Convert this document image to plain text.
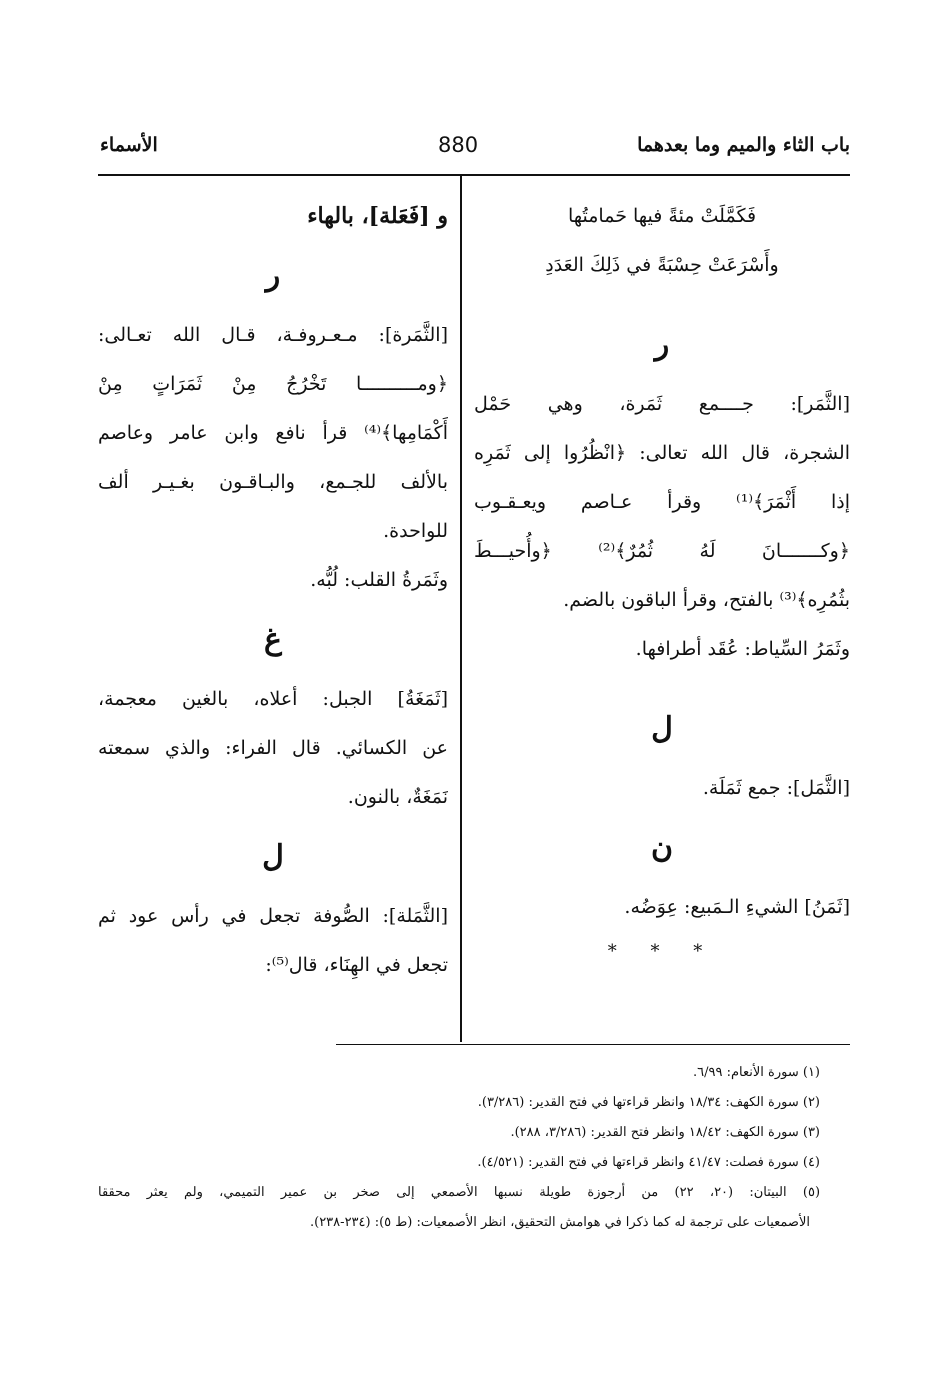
باب الثاء والميم وما بعدهما
880
الأسماء
فَكَمَّلَتْ مئةً فيها حَمامتُها
وأَسْرَعَتْ حِسْبَةً في ذَلِكَ العَدَدِ
ر
[الثَّمَر]: جــــمع ثَمَرة، وهي حَمْل
الشجرة، قال الله تعالى: ﴿انْظُرُوا إلى ثَمَرِه
إذا أَثْمَرَ﴾⁽¹⁾ وقرأ عـاصم ويعـقـوب
﴿وكـــــــانَ لَهُ ثُمُرٌ﴾⁽²⁾ ﴿وأُحيـــطَ
بثُمُرِه﴾⁽³⁾ بالفتح، وقرأ الباقون بالضم.
وثَمَرُ السِّياط: عُقَد أطرافها.
ل
[الثَّمَل]: جمع ثَمَلَة.
ن
[ثَمَنُ] الشيءِ الـمَبيع: عِوَضُه.
* * *
و [فَعَلة]، بالهاء
ر
[الثَّمَرة]: مـعـروفـة، قـال الله تعـالى:
﴿ومــــــــــا تَخْرُجُ مِنْ ثَمَرَاتٍ مِنْ
أَكْمَامِها﴾⁽⁴⁾ قرأ نافع وابن عامر وعاصم
بالألف للجـمع، والبـاقـون بغـيـر ألف
للواحدة.
وثَمَرةُ القلب: لُبُّه.
غ
[ثَمَغَةُ] الجبل: أعلاه، بالغين معجمة،
عن الكسائي. قال الفراء: والذي سمعته
نَمَغَةٌ، بالنون.
ل
[الثَّمَلة]: الصُّوفة تجعل في رأس عود ثم
تجعل في الهِنَاء، قال⁽⁵⁾:
(١) سورة الأنعام: ٦/٩٩.
(٢) سورة الكهف: ١٨/٣٤ وانظر قراءتها في فتح القدير: (٣/٢٨٦).
(٣) سورة الكهف: ١٨/٤٢ وانظر فتح القدير: (٣/٢٨٦، ٢٨٨).
(٤) سورة فصلت: ٤١/٤٧ وانظر قراءتها في فتح القدير: (٤/٥٢١).
(٥) البيتان: (٢٠، ٢٢) من أرجوزة طويلة نسبها الأصمعي إلى صخر بن عمير التميمي، ولم يعثر محققا
الأصمعيات على ترجمة له كما ذكرا في هوامش التحقيق، انظر الأصمعيات: (ط ٥): (٢٣٤-٢٣٨).
